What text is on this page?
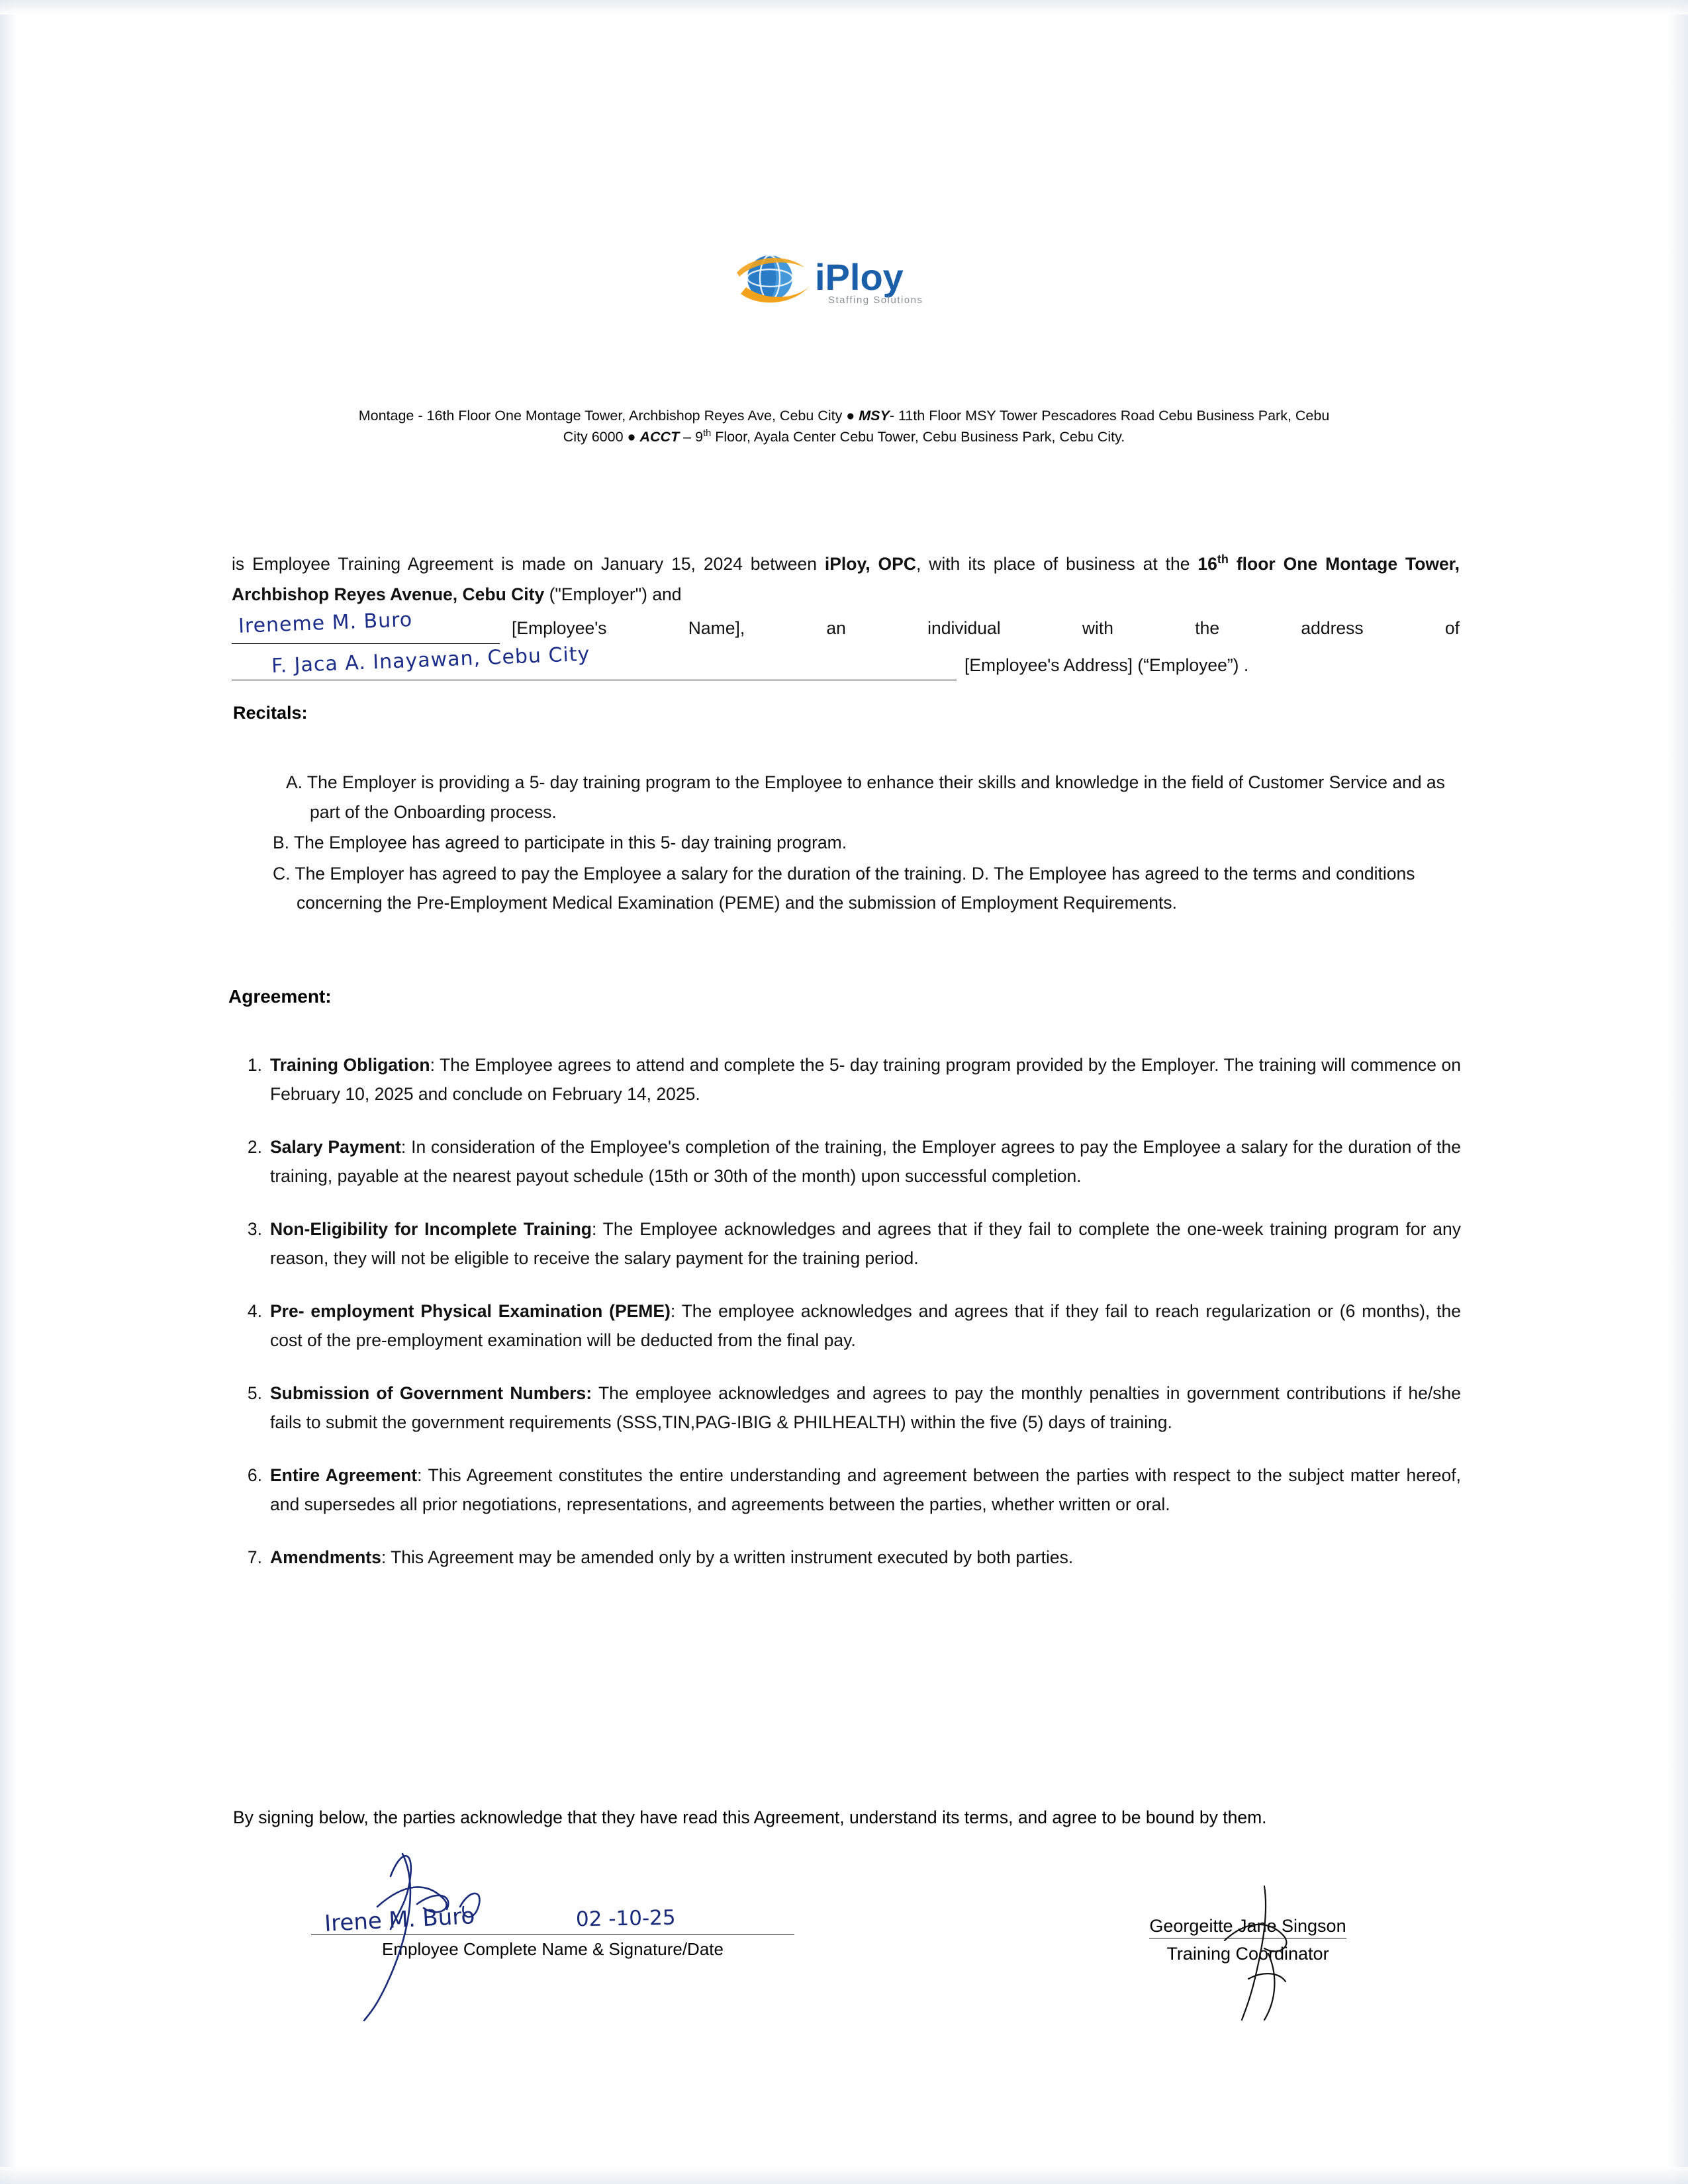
iPloy
Staffing Solutions
Montage - 16th Floor One Montage Tower, Archbishop Reyes Ave, Cebu City ● MSY- 11th Floor MSY Tower Pescadores Road Cebu Business Park, Cebu
City 6000 ● ACCT – 9th Floor, Ayala Center Cebu Tower, Cebu Business Park, Cebu City.
is Employee Training Agreement is made on January 15, 2024 between iPloy, OPC, with its place of business at the 16th floor One Montage Tower, Archbishop Reyes Avenue, Cebu City ("Employer") and
Ireneme M. Buro	[Employee's Name], an individual with the address of
F. Jaca A. Inayawan, Cebu City	[Employee's Address] (“Employee”) .
Recitals:
A. The Employer is providing a 5- day training program to the Employee to enhance their skills and knowledge in the field of Customer Service and as part of the Onboarding process.
B. The Employee has agreed to participate in this 5- day training program.
C. The Employer has agreed to pay the Employee a salary for the duration of the training. D. The Employee has agreed to the terms and conditions concerning the Pre-Employment Medical Examination (PEME) and the submission of Employment Requirements.
Agreement:
1. Training Obligation: The Employee agrees to attend and complete the 5- day training program provided by the Employer. The training will commence on February 10, 2025 and conclude on February 14, 2025.
2. Salary Payment: In consideration of the Employee's completion of the training, the Employer agrees to pay the Employee a salary for the duration of the training, payable at the nearest payout schedule (15th or 30th of the month) upon successful completion.
3. Non-Eligibility for Incomplete Training: The Employee acknowledges and agrees that if they fail to complete the one-week training program for any reason, they will not be eligible to receive the salary payment for the training period.
4. Pre- employment Physical Examination (PEME): The employee acknowledges and agrees that if they fail to reach regularization or (6 months), the cost of the pre-employment examination will be deducted from the final pay.
5. Submission of Government Numbers: The employee acknowledges and agrees to pay the monthly penalties in government contributions if he/she fails to submit the government requirements (SSS,TIN,PAG-IBIG & PHILHEALTH) within the five (5) days of training.
6. Entire Agreement: This Agreement constitutes the entire understanding and agreement between the parties with respect to the subject matter hereof, and supersedes all prior negotiations, representations, and agreements between the parties, whether written or oral.
7. Amendments: This Agreement may be amended only by a written instrument executed by both parties.
By signing below, the parties acknowledge that they have read this Agreement, understand its terms, and agree to be bound by them.
Irene M. Buro	02 -10-25
Employee Complete Name & Signature/Date
Georgeitte Jane Singson
Training Coordinator
